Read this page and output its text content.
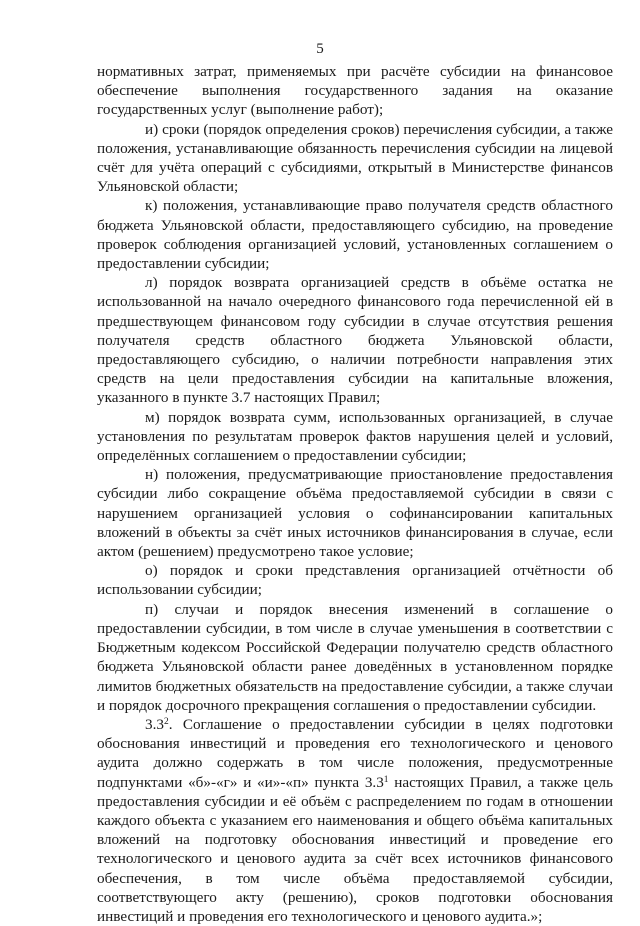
5

нормативных затрат, применяемых при расчёте субсидии на финансовое обеспечение выполнения государственного задания на оказание государственных услуг (выполнение работ);

и) сроки (порядок определения сроков) перечисления субсидии, а также положения, устанавливающие обязанность перечисления субсидии на лицевой счёт для учёта операций с субсидиями, открытый в Министерстве финансов Ульяновской области;

к) положения, устанавливающие право получателя средств областного бюджета Ульяновской области, предоставляющего субсидию, на проведение проверок соблюдения организацией условий, установленных соглашением о предоставлении субсидии;

л) порядок возврата организацией средств в объёме остатка не использованной на начало очередного финансового года перечисленной ей в предшествующем финансовом году субсидии в случае отсутствия решения получателя средств областного бюджета Ульяновской области, предоставляющего субсидию, о наличии потребности направления этих средств на цели предоставления субсидии на капитальные вложения, указанного в пункте 3.7 настоящих Правил;

м) порядок возврата сумм, использованных организацией, в случае установления по результатам проверок фактов нарушения целей и условий, определённых соглашением о предоставлении субсидии;

н) положения, предусматривающие приостановление предоставления субсидии либо сокращение объёма предоставляемой субсидии в связи с нарушением организацией условия о софинансировании капитальных вложений в объекты за счёт иных источников финансирования в случае, если актом (решением) предусмотрено такое условие;

о) порядок и сроки представления организацией отчётности об использовании субсидии;

п) случаи и порядок внесения изменений в соглашение о предоставлении субсидии, в том числе в случае уменьшения в соответствии с Бюджетным кодексом Российской Федерации получателю средств областного бюджета Ульяновской области ранее доведённых в установленном порядке лимитов бюджетных обязательств на предоставление субсидии, а также случаи и порядок досрочного прекращения соглашения о предоставлении субсидии.

$3.3^2$. Соглашение о предоставлении субсидии в целях подготовки обоснования инвестиций и проведения его технологического и ценового аудита должно содержать в том числе положения, предусмотренные подпунктами «б»-«г» и «и»-«п» пункта $3.3^1$ настоящих Правил, а также цель предоставления субсидии и её объём с распределением по годам в отношении каждого объекта с указанием его наименования и общего объёма капитальных вложений на подготовку обоснования инвестиций и проведение его технологического и ценового аудита за счёт всех источников финансового обеспечения, в том числе объёма предоставляемой субсидии, соответствующего акту (решению), сроков подготовки обоснования инвестиций и проведения его технологического и ценового аудита.»;
